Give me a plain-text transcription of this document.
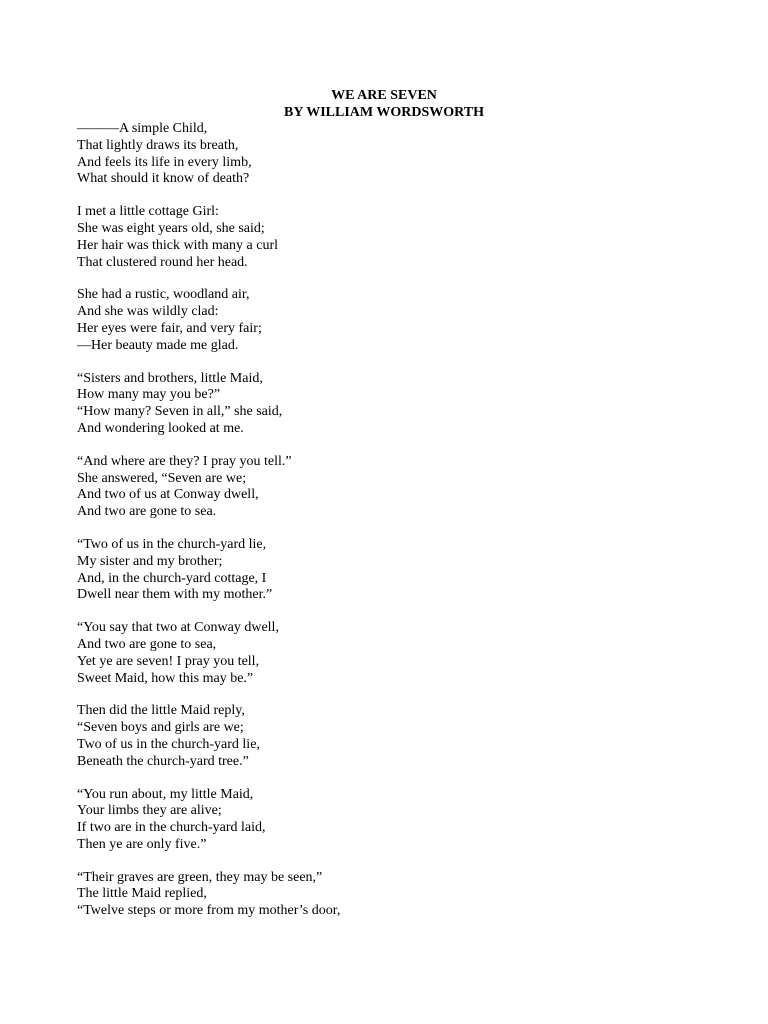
WE ARE SEVEN
BY WILLIAM WORDSWORTH
———A simple Child,
That lightly draws its breath,
And feels its life in every limb,
What should it know of death?
I met a little cottage Girl:
She was eight years old, she said;
Her hair was thick with many a curl
That clustered round her head.
She had a rustic, woodland air,
And she was wildly clad:
Her eyes were fair, and very fair;
—Her beauty made me glad.
“Sisters and brothers, little Maid,
How many may you be?”
“How many? Seven in all,” she said,
And wondering looked at me.
“And where are they? I pray you tell.”
She answered, “Seven are we;
And two of us at Conway dwell,
And two are gone to sea.
“Two of us in the church-yard lie,
My sister and my brother;
And, in the church-yard cottage, I
Dwell near them with my mother.”
“You say that two at Conway dwell,
And two are gone to sea,
Yet ye are seven! I pray you tell,
Sweet Maid, how this may be.”
Then did the little Maid reply,
“Seven boys and girls are we;
Two of us in the church-yard lie,
Beneath the church-yard tree.”
“You run about, my little Maid,
Your limbs they are alive;
If two are in the church-yard laid,
Then ye are only five.”
“Their graves are green, they may be seen,”
The little Maid replied,
“Twelve steps or more from my mother’s door,
